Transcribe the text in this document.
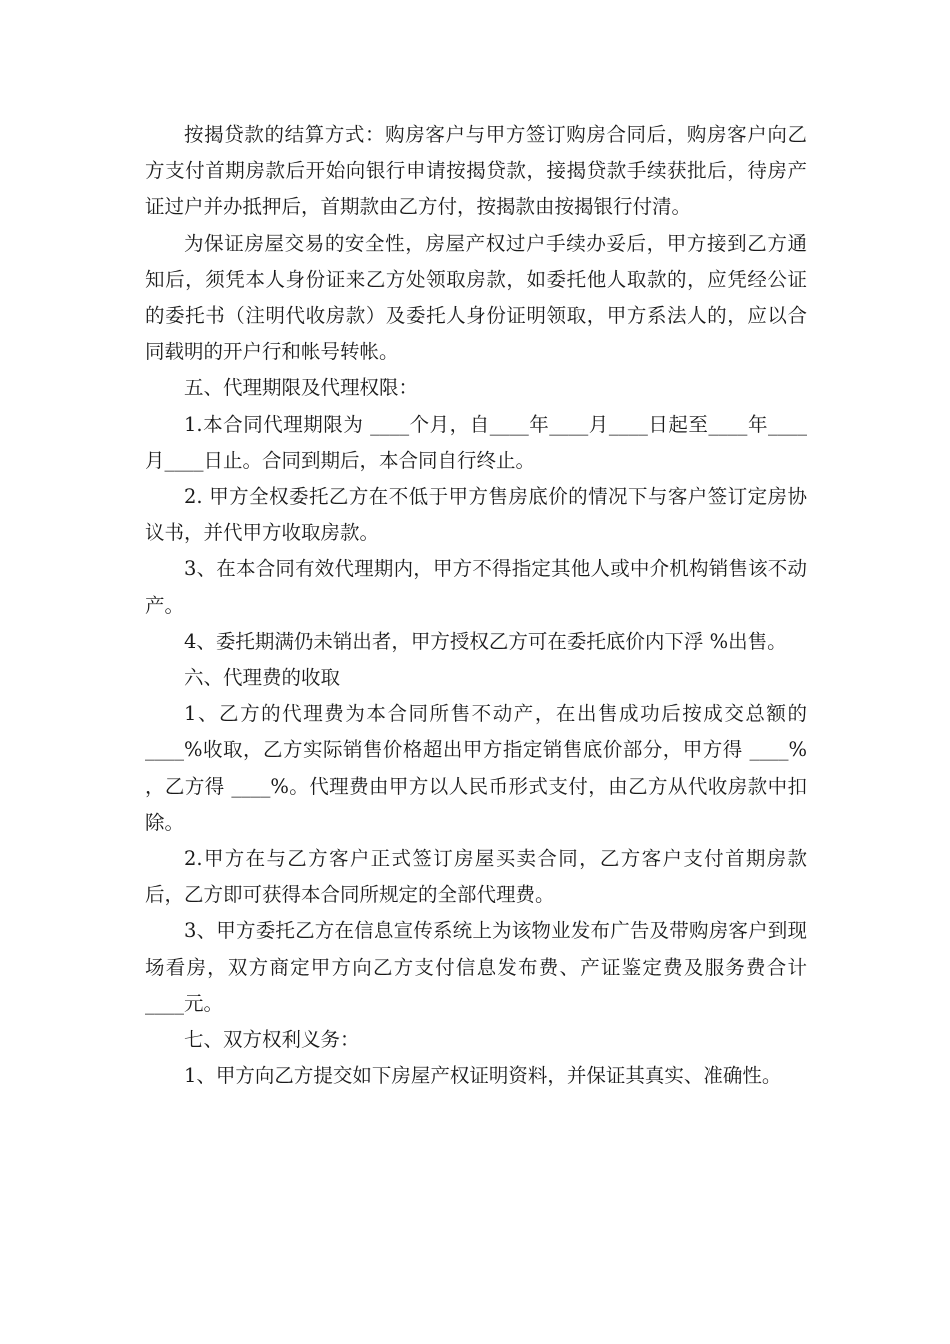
按揭贷款的结算方式：购房客户与甲方签订购房合同后，购房客户向乙方支付首期房款后开始向银行申请按揭贷款，接揭贷款手续获批后，待房产证过户并办抵押后，首期款由乙方付，按揭款由按揭银行付清。

为保证房屋交易的安全性，房屋产权过户手续办妥后，甲方接到乙方通知后，须凭本人身份证来乙方处领取房款，如委托他人取款的，应凭经公证的委托书（注明代收房款）及委托人身份证明领取，甲方系法人的，应以合同载明的开户行和帐号转帐。

五、代理期限及代理权限：

1.本合同代理期限为 ____个月，自____年____月____日起至____年____月____日止。合同到期后，本合同自行终止。

2. 甲方全权委托乙方在不低于甲方售房底价的情况下与客户签订定房协议书，并代甲方收取房款。

3、在本合同有效代理期内，甲方不得指定其他人或中介机构销售该不动产。

4、委托期满仍未销出者，甲方授权乙方可在委托底价内下浮 %出售。

六、代理费的收取

1、乙方的代理费为本合同所售不动产，在出售成功后按成交总额的____%收取，乙方实际销售价格超出甲方指定销售底价部分，甲方得 ____% ，乙方得 ____%。代理费由甲方以人民币形式支付，由乙方从代收房款中扣除。

2.甲方在与乙方客户正式签订房屋买卖合同，乙方客户支付首期房款后，乙方即可获得本合同所规定的全部代理费。

3、甲方委托乙方在信息宣传系统上为该物业发布广告及带购房客户到现场看房，双方商定甲方向乙方支付信息发布费、产证鉴定费及服务费合计____元。

七、双方权利义务：

1、甲方向乙方提交如下房屋产权证明资料，并保证其真实、准确性。
